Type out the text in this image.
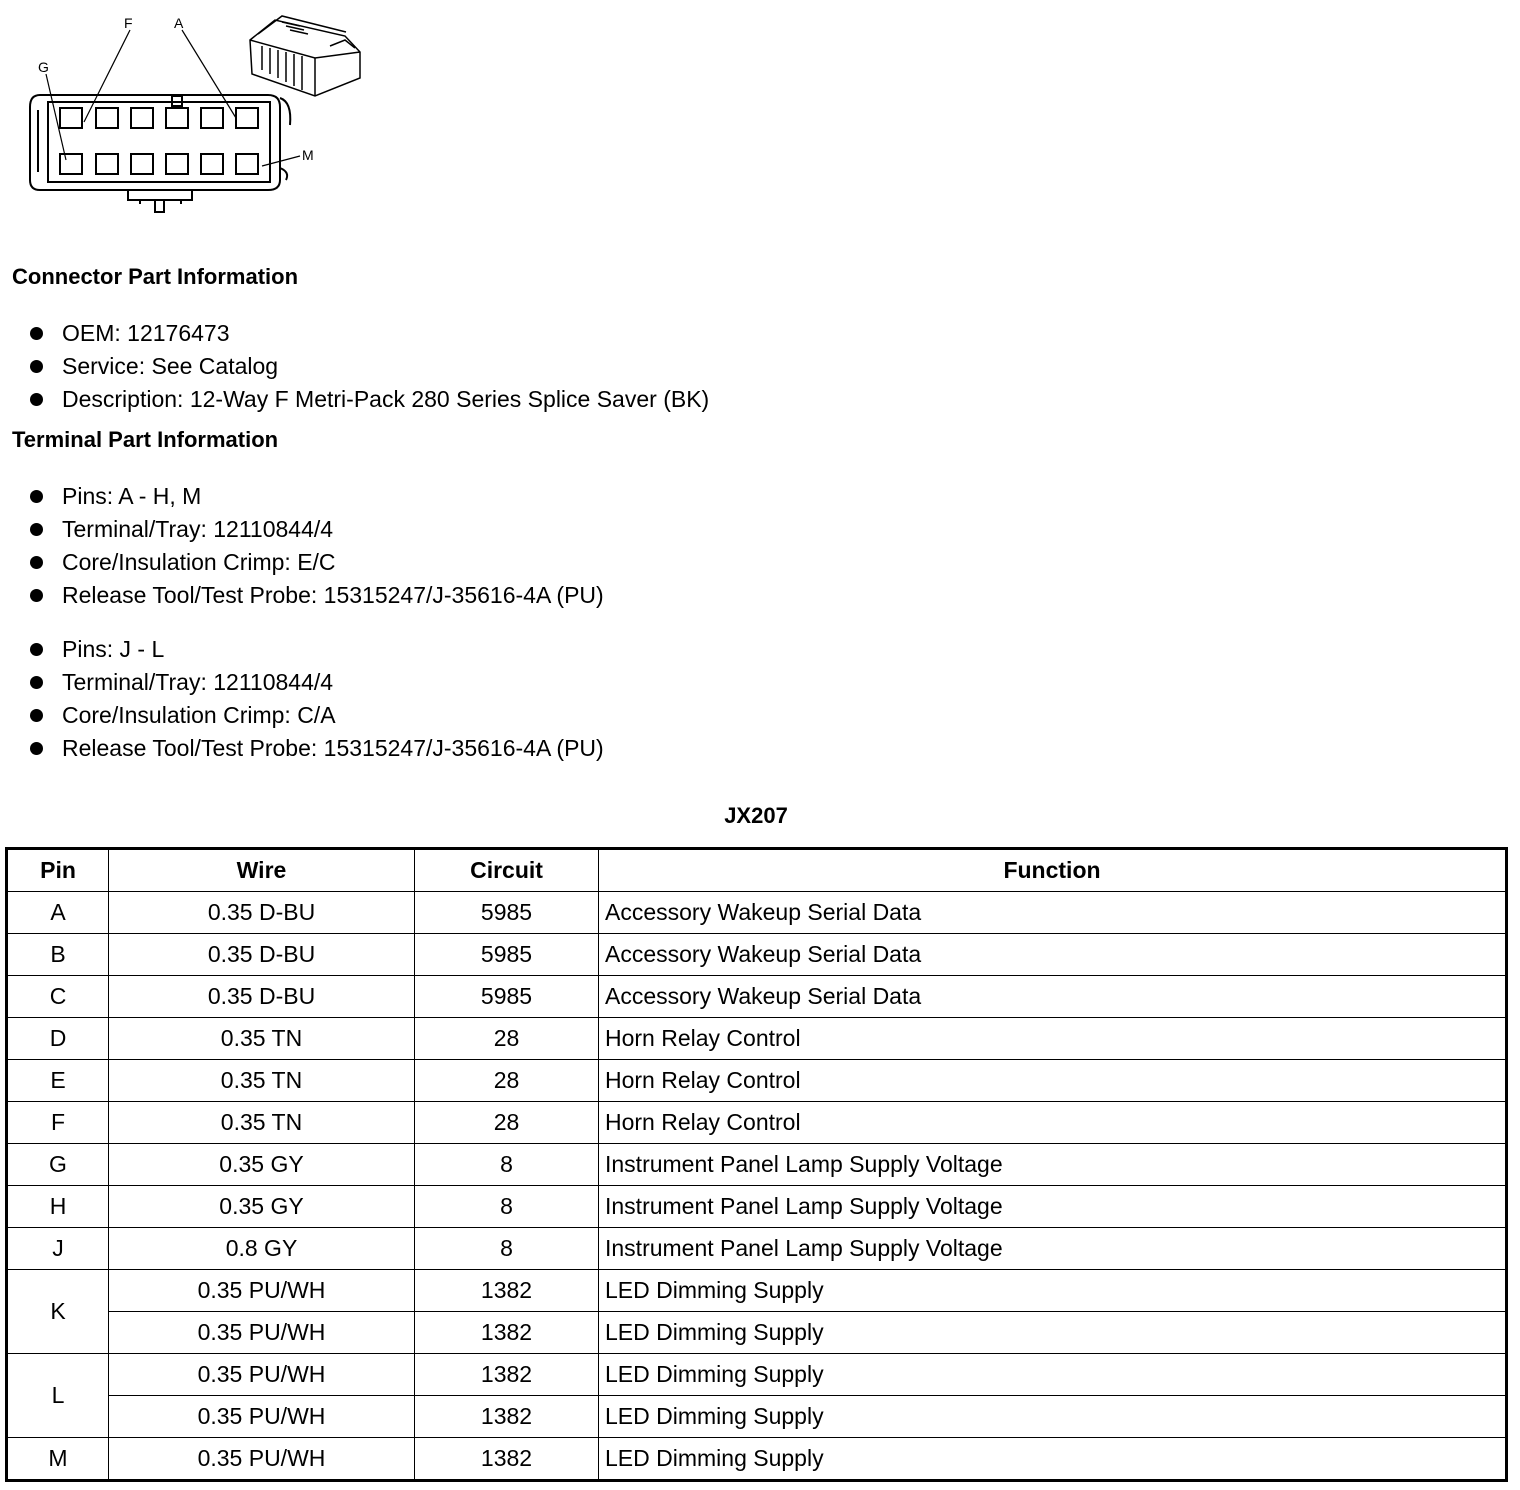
F	A
G
M
Connector Part Information
OEM: 12176473
Service: See Catalog
Description: 12-Way F Metri-Pack 280 Series Splice Saver (BK)
Terminal Part Information
Pins: A - H, M
Terminal/Tray: 12110844/4
Core/Insulation Crimp: E/C
Release Tool/Test Probe: 15315247/J-35616-4A (PU)
Pins: J - L
Terminal/Tray: 12110844/4
Core/Insulation Crimp: C/A
Release Tool/Test Probe: 15315247/J-35616-4A (PU)
JX207
Pin	Wire	Circuit	Function
A	0.35 D-BU	5985	Accessory Wakeup Serial Data
B	0.35 D-BU	5985	Accessory Wakeup Serial Data
C	0.35 D-BU	5985	Accessory Wakeup Serial Data
D	0.35 TN	28	Horn Relay Control
E	0.35 TN	28	Horn Relay Control
F	0.35 TN	28	Horn Relay Control
G	0.35 GY	8	Instrument Panel Lamp Supply Voltage
H	0.35 GY	8	Instrument Panel Lamp Supply Voltage
J	0.8 GY	8	Instrument Panel Lamp Supply Voltage
K	0.35 PU/WH	1382	LED Dimming Supply
	0.35 PU/WH	1382	LED Dimming Supply
L	0.35 PU/WH	1382	LED Dimming Supply
	0.35 PU/WH	1382	LED Dimming Supply
M	0.35 PU/WH	1382	LED Dimming Supply
